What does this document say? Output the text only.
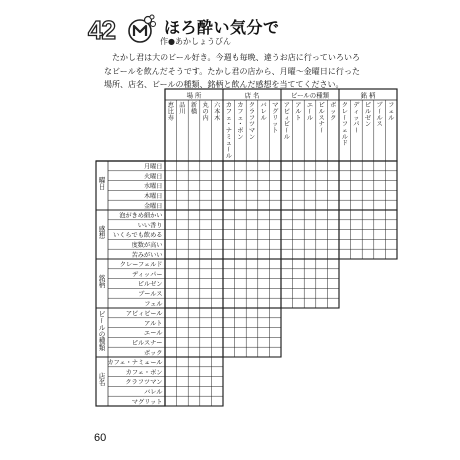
曜
日
月曜日
火曜日
水曜日
木曜日
金曜日
感
想
泡がきめ細かい
いい香り
いくらでも飲める
度数が高い
苦みがいい
銘
柄
クレーフェルド
ディッパー
ピルゼン
ブールス
フェル
ビ
ー
ル
の
種
類
アビィビール
アルト
エール
ピルスナー
ボック
店
名
カフェ・ナミュール
カフェ・ボン
クラフツマン
バレル
マグリット
場 所
恵
比
寿
品
川
新
橋
丸
の
内
六
本
木
店 名
カ
フ
ェ
・
ナ
ミ
ュ
ー
ル
カ
フ
ェ
・
ボ
ン
ク
ラ
フ
ツ
マ
ン
バ
レ
ル
マ
グ
リ
ッ
ト
ビールの種類
ア
ビ
ィ
ビ
ー
ル
ア
ル
ト
エ
ー
ル
ピ
ル
ス
ナ
ー
ボ
ッ
ク
銘 柄
ク
レ
ー
フ
ェ
ル
ド
デ
ィ
ッ
パ
ー
ピ
ル
ゼ
ン
ブ
ー
ル
ス
フ
ェ
ル
42	ほろ酔い気分で
作●あかしょうびん

たかし君は大のビール好き。今週も毎晩、違うお店に行っていろいろなビールを飲んだそうです。たかし君の店から、月曜～金曜日に行った場所、店名、ビールの種類、銘柄と飲んだ感想を当ててください。

60
